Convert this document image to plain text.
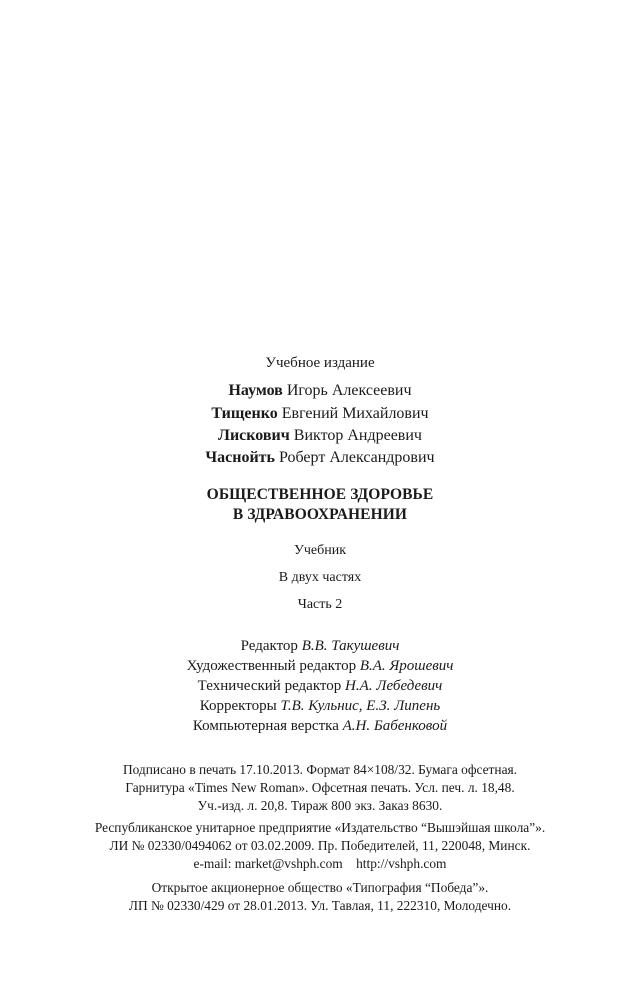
Учебное издание
Наумов Игорь Алексеевич
Тищенко Евгений Михайлович
Лискович Виктор Андреевич
Часнойть Роберт Александрович
ОБЩЕСТВЕННОЕ ЗДОРОВЬЕ
В ЗДРАВООХРАНЕНИИ
Учебник
В двух частях
Часть 2
Редактор В.В. Такушевич
Художественный редактор В.А. Ярошевич
Технический редактор Н.А. Лебедевич
Корректоры Т.В. Кульнис, Е.З. Липень
Компьютерная верстка А.Н. Бабенковой
Подписано в печать 17.10.2013. Формат 84×108/32. Бумага офсетная.
Гарнитура «Times New Roman». Офсетная печать. Усл. печ. л. 18,48.
Уч.-изд. л. 20,8. Тираж 800 экз. Заказ 8630.
Республиканское унитарное предприятие «Издательство “Вышэйшая школа”».
ЛИ № 02330/0494062 от 03.02.2009. Пр. Победителей, 11, 220048, Минск.
e-mail: market@vshph.com    http://vshph.com
Открытое акционерное общество «Типография “Победа”».
ЛП № 02330/429 от 28.01.2013. Ул. Тавлая, 11, 222310, Молодечно.
